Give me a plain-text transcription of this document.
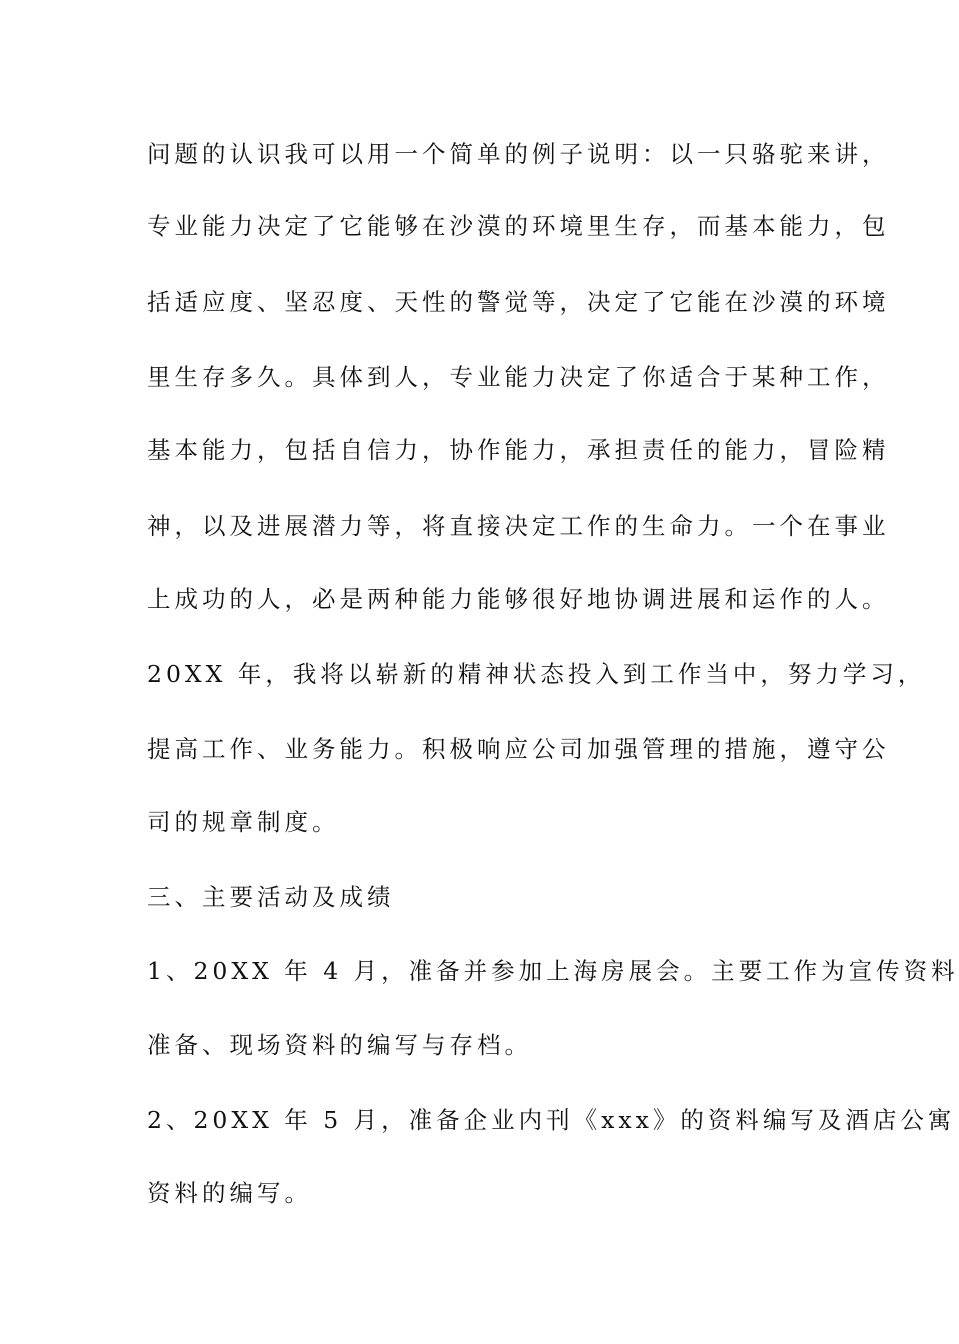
问题的认识我可以用一个简单的例子说明：以一只骆驼来讲，
专业能力决定了它能够在沙漠的环境里生存，而基本能力，包
括适应度、坚忍度、天性的警觉等，决定了它能在沙漠的环境
里生存多久。具体到人，专业能力决定了你适合于某种工作，
基本能力，包括自信力，协作能力，承担责任的能力，冒险精
神，以及进展潜力等，将直接决定工作的生命力。一个在事业
上成功的人，必是两种能力能够很好地协调进展和运作的人。
20XX 年，我将以崭新的精神状态投入到工作当中，努力学习，
提高工作、业务能力。积极响应公司加强管理的措施，遵守公
司的规章制度。
三、主要活动及成绩
1、20XX 年 4 月，准备并参加上海房展会。主要工作为宣传资料
准备、现场资料的编写与存档。
2、20XX 年 5 月，准备企业内刊《xxx》的资料编写及酒店公寓
资料的编写。
